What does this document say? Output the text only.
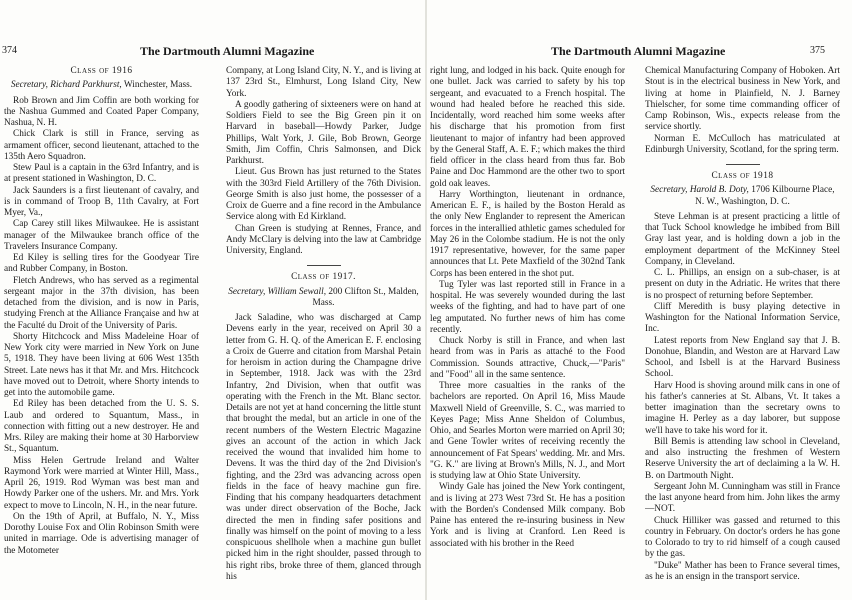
374	The Dartmouth Alumni Magazine

Class of 1916

Secretary, Richard Parkhurst, Winchester, Mass.

Rob Brown and Jim Coffin are both working for the Nashua Gummed and Coated Paper Company, Nashua, N. H.

Chick Clark is still in France, serving as armament officer, second lieutenant, attached to the 135th Aero Squadron.

Stew Paul is a captain in the 63rd Infantry, and is at present stationed in Washington, D. C.

Jack Saunders is a first lieutenant of cavalry, and is in command of Troop B, 11th Cavalry, at Fort Myer, Va.,

Cap Carey still likes Milwaukee. He is assistant manager of the Milwaukee branch office of the Travelers Insurance Company.

Ed Kiley is selling tires for the Goodyear Tire and Rubber Company, in Boston.

Fletch Andrews, who has served as a regimental sergeant major in the 37th division, has been detached from the division, and is now in Paris, studying French at the Alliance Française and hw at the Faculté du Droit of the University of Paris.

Shorty Hitchcock and Miss Madeleine Hoar of New York city were married in New York on June 5, 1918. They have been living at 606 West 135th Street. Late news has it that Mr. and Mrs. Hitchcock have moved out to Detroit, where Shorty intends to get into the automobile game.

Ed Riley has been detached from the U. S. S. Laub and ordered to Squantum, Mass., in connection with fitting out a new destroyer. He and Mrs. Riley are making their home at 30 Harborview St., Squantum.

Miss Helen Gertrude Ireland and Walter Raymond York were married at Winter Hill, Mass., April 26, 1919. Rod Wyman was best man and Howdy Parker one of the ushers. Mr. and Mrs. York expect to move to Lincoln, N. H., in the near future.

On the 19th of April, at Buffalo, N. Y., Miss Dorothy Louise Fox and Olin Robinson Smith were united in marriage. Ode is advertising manager of the Motometer

Company, at Long Island City, N. Y., and is living at 137 23rd St., Elmhurst, Long Island City, New York.

A goodly gathering of sixteeners were on hand at Soldiers Field to see the Big Green pin it on Harvard in baseball—Howdy Parker, Judge Phillips, Walt York, J. Gile, Bob Brown, George Smith, Jim Coffin, Chris Salmonsen, and Dick Parkhurst.

Lieut. Gus Brown has just returned to the States with the 303rd Field Artillery of the 76th Division. George Smith is also just home, the possesser of a Croix de Guerre and a fine record in the Ambulance Service along with Ed Kirkland.

Chan Green is studying at Rennes, France, and Andy McClary is delving into the law at Cambridge University, England.

Class of 1917.

Secretary, William Sewall, 200 Clifton St., Malden, Mass.

Jack Saladine, who was discharged at Camp Devens early in the year, received on April 30 a letter from G. H. Q. of the American E. F. enclosing a Croix de Guerre and citation from Marshal Petain for heroism in action during the Champagne drive in September, 1918. Jack was with the 23rd Infantry, 2nd Division, when that outfit was operating with the French in the Mt. Blanc sector. Details are not yet at hand concerning the little stunt that brought the medal, but an article in one of the recent numbers of the Western Electric Magazine gives an account of the action in which Jack received the wound that invalided him home to Devens. It was the third day of the 2nd Division's fighting, and the 23rd was advancing across open fields in the face of heavy machine gun fire. Finding that his company headquarters detachment was under direct observation of the Boche, Jack directed the men in finding safer positions and finally was himself on the point of moving to a less conspicuous shellhole when a machine gun bullet picked him in the right shoulder, passed through to his right ribs, broke three of them, glanced through his

The Dartmouth Alumni Magazine	375

right lung, and lodged in his back. Quite enough for one bullet. Jack was carried to safety by his top sergeant, and evacuated to a French hospital. The wound had healed before he reached this side. Incidentally, word reached him some weeks after his discharge that his promotion from first lieutenant to major of infantry had been approved by the General Staff, A. E. F.; which makes the third field officer in the class heard from thus far. Bob Paine and Doc Hammond are the other two to sport gold oak leaves.

Harry Worthington, lieutenant in ordnance, American E. F., is hailed by the Boston Herald as the only New Englander to represent the American forces in the interallied athletic games scheduled for May 26 in the Colombe stadium. He is not the only 1917 representative, however, for the same paper announces that Lt. Pete Maxfield of the 302nd Tank Corps has been entered in the shot put.

Tug Tyler was last reported still in France in a hospital. He was severely wounded during the last weeks of the fighting, and had to have part of one leg amputated. No further news of him has come recently.

Chuck Norby is still in France, and when last heard from was in Paris as attaché to the Food Commission. Sounds attractive, Chuck,—"Paris" and "Food" all in the same sentence.

Three more casualties in the ranks of the bachelors are reported. On April 16, Miss Maude Maxwell Nield of Greenville, S. C., was married to Keyes Page; Miss Anne Sheldon of Columbus, Ohio, and Searles Morton were married on April 30; and Gene Towler writes of receiving recently the announcement of Fat Spears' wedding. Mr. and Mrs. "G. K." are living at Brown's Mills, N. J., and Mort is studying law at Ohio State University.

Windy Gale has joined the New York contingent, and is living at 273 West 73rd St. He has a position with the Borden's Condensed Milk company. Bob Paine has entered the re-insuring business in New York and is living at Cranford. Len Reed is associated with his brother in the Reed

Chemical Manufacturing Company of Hoboken. Art Stout is in the electrical business in New York, and living at home in Plainfield, N. J. Barney Thielscher, for some time commanding officer of Camp Robinson, Wis., expects release from the service shortly.

Norman E. McCulloch has matriculated at Edinburgh University, Scotland, for the spring term.

Class of 1918

Secretary, Harold B. Doty, 1706 Kilbourne Place, N. W., Washington, D. C.

Steve Lehman is at present practicing a little of that Tuck School knowledge he imbibed from Bill Gray last year, and is holding down a job in the employment department of the McKinney Steel Company, in Cleveland.

C. L. Phillips, an ensign on a sub-chaser, is at present on duty in the Adriatic. He writes that there is no prospect of returning before September.

Cliff Meredith is busy playing detective in Washington for the National Information Service, Inc.

Latest reports from New England say that J. B. Donohue, Blandin, and Weston are at Harvard Law School, and Isbell is at the Harvard Business School.

Harv Hood is shoving around milk cans in one of his father's canneries at St. Albans, Vt. It takes a better imagination than the secretary owns to imagine H. Perley as a day laborer, but suppose we'll have to take his word for it.

Bill Bemis is attending law school in Cleveland, and also instructing the freshmen of Western Reserve University the art of declaiming a la W. H. B. on Dartmouth Night.

Sergeant John M. Cunningham was still in France the last anyone heard from him. John likes the army—NOT.

Chuck Hilliker was gassed and returned to this country in February. On doctor's orders he has gone to Colorado to try to rid himself of a cough caused by the gas.

"Duke" Mather has been to France several times, as he is an ensign in the transport service.
